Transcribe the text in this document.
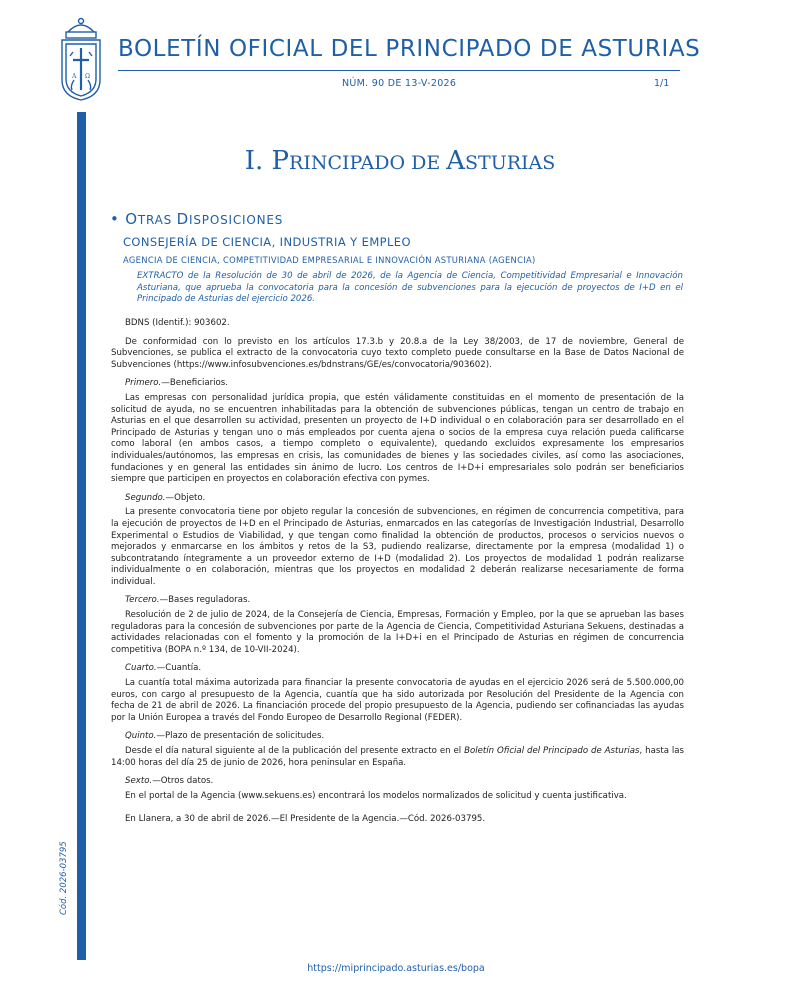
A Ω
BOLETÍN OFICIAL DEL PRINCIPADO DE ASTURIAS
NÚM. 90 DE 13-V-2026	1/1
Cód. 2026-03795
I. PRINCIPADO DE ASTURIAS
• OTRAS DISPOSICIONES
CONSEJERÍA DE CIENCIA, INDUSTRIA Y EMPLEO
AGENCIA DE CIENCIA, COMPETITIVIDAD EMPRESARIAL E INNOVACIÓN ASTURIANA (AGENCIA)
EXTRACTO de la Resolución de 30 de abril de 2026, de la Agencia de Ciencia, Competitividad Empresarial e Innovación Asturiana, que aprueba la convocatoria para la concesión de subvenciones para la ejecución de proyectos de I+D en el Principado de Asturias del ejercicio 2026.

BDNS (Identif.): 903602.

De conformidad con lo previsto en los artículos 17.3.b y 20.8.a de la Ley 38/2003, de 17 de noviembre, General de Subvenciones, se publica el extracto de la convocatoria cuyo texto completo puede consultarse en la Base de Datos Nacional de Subvenciones (https://www.infosubvenciones.es/bdnstrans/GE/es/convocatoria/903602).

Primero.—Beneficiarios.

Las empresas con personalidad jurídica propia, que estén válidamente constituidas en el momento de presentación de la solicitud de ayuda, no se encuentren inhabilitadas para la obtención de subvenciones públicas, tengan un centro de trabajo en Asturias en el que desarrollen su actividad, presenten un proyecto de I+D individual o en colaboración para ser desarrollado en el Principado de Asturias y tengan uno o más empleados por cuenta ajena o socios de la empresa cuya relación pueda calificarse como laboral (en ambos casos, a tiempo completo o equivalente), quedando excluidos expresamente los empresarios individuales/autónomos, las empresas en crisis, las comunidades de bienes y las sociedades civiles, así como las asociaciones, fundaciones y en general las entidades sin ánimo de lucro. Los centros de I+D+i empresariales solo podrán ser beneficiarios siempre que participen en proyectos en colaboración efectiva con pymes.

Segundo.—Objeto.

La presente convocatoria tiene por objeto regular la concesión de subvenciones, en régimen de concurrencia competitiva, para la ejecución de proyectos de I+D en el Principado de Asturias, enmarcados en las categorías de Investigación Industrial, Desarrollo Experimental o Estudios de Viabilidad, y que tengan como finalidad la obtención de productos, procesos o servicios nuevos o mejorados y enmarcarse en los ámbitos y retos de la S3, pudiendo realizarse, directamente por la empresa (modalidad 1) o subcontratando íntegramente a un proveedor externo de I+D (modalidad 2). Los proyectos de modalidad 1 podrán realizarse individualmente o en colaboración, mientras que los proyectos en modalidad 2 deberán realizarse necesariamente de forma individual.

Tercero.—Bases reguladoras.

Resolución de 2 de julio de 2024, de la Consejería de Ciencia, Empresas, Formación y Empleo, por la que se aprueban las bases reguladoras para la concesión de subvenciones por parte de la Agencia de Ciencia, Competitividad Asturiana Sekuens, destinadas a actividades relacionadas con el fomento y la promoción de la I+D+i en el Principado de Asturias en régimen de concurrencia competitiva (BOPA n.º 134, de 10-VII-2024).

Cuarto.—Cuantía.

La cuantía total máxima autorizada para financiar la presente convocatoria de ayudas en el ejercicio 2026 será de 5.500.000,00 euros, con cargo al presupuesto de la Agencia, cuantía que ha sido autorizada por Resolución del Presidente de la Agencia con fecha de 21 de abril de 2026. La financiación procede del propio presupuesto de la Agencia, pudiendo ser cofinanciadas las ayudas por la Unión Europea a través del Fondo Europeo de Desarrollo Regional (FEDER).

Quinto.—Plazo de presentación de solicitudes.

Desde el día natural siguiente al de la publicación del presente extracto en el Boletín Oficial del Principado de Asturias, hasta las 14:00 horas del día 25 de junio de 2026, hora peninsular en España.

Sexto.—Otros datos.

En el portal de la Agencia (www.sekuens.es) encontrará los modelos normalizados de solicitud y cuenta justificativa.

En Llanera, a 30 de abril de 2026.—El Presidente de la Agencia.—Cód. 2026-03795.

https://miprincipado.asturias.es/bopa
